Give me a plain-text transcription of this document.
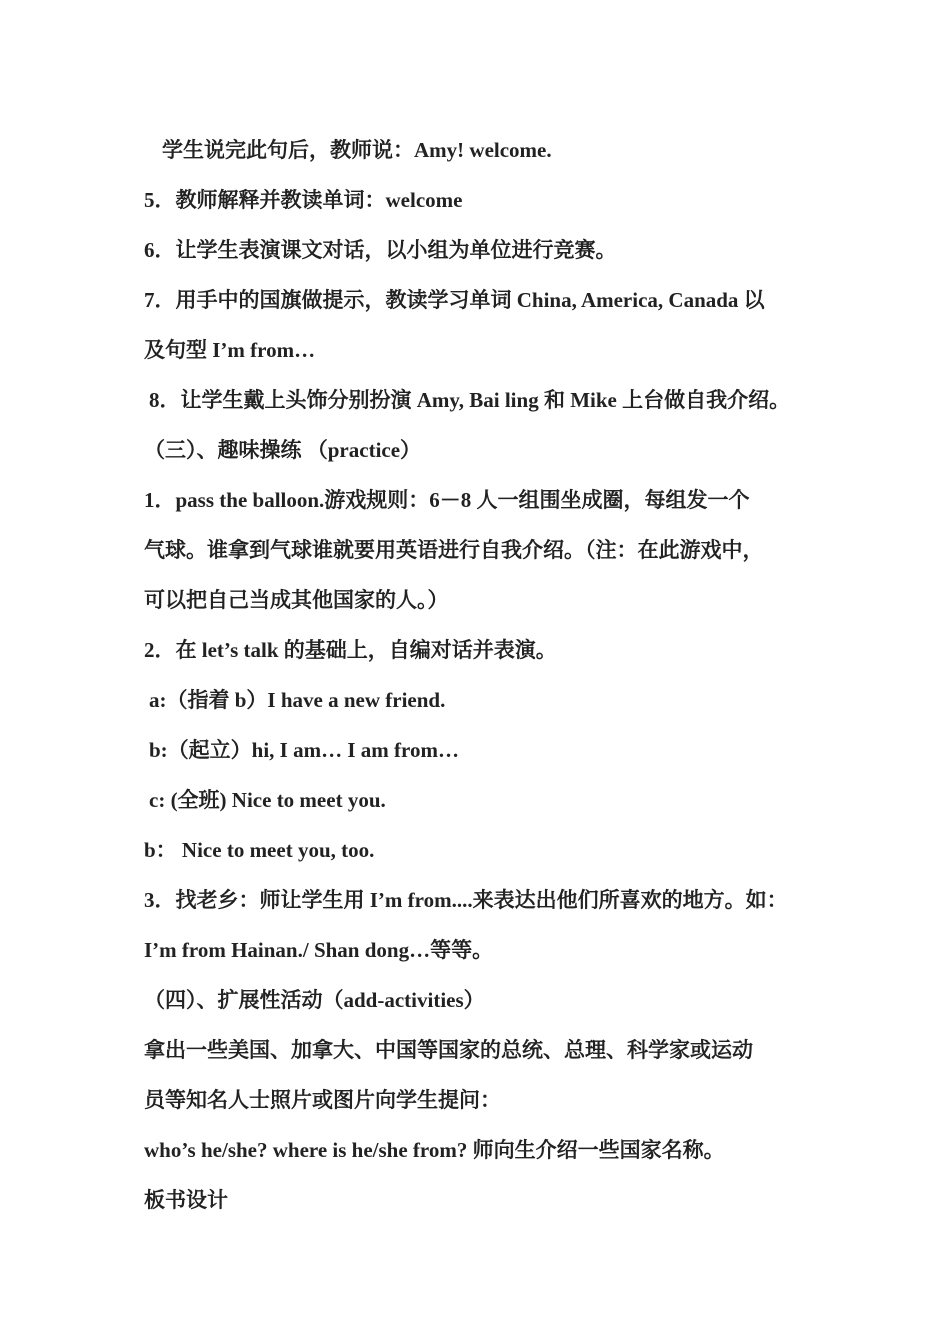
学生说完此句后，教师说：Amy! welcome.

5．教师解释并教读单词：welcome

6．让学生表演课文对话，以小组为单位进行竞赛。

7．用手中的国旗做提示，教读学习单词 China, America, Canada 以

及句型 I’m from…

8．让学生戴上头饰分别扮演 Amy, Bai ling 和 Mike 上台做自我介绍。

（三）、趣味操练 （practice）

1．pass the balloon.游戏规则：6－8 人一组围坐成圈，每组发一个

气球。谁拿到气球谁就要用英语进行自我介绍。（注：在此游戏中，

可以把自己当成其他国家的人。）

2．在 let’s talk 的基础上，自编对话并表演。

a:（指着 b）I have a new friend.

b:（起立）hi, I am… I am from…

c: (全班) Nice to meet you.

b： Nice to meet you, too.

3．找老乡：师让学生用 I’m from....来表达出他们所喜欢的地方。如：

I’m from Hainan./ Shan dong…等等。

（四）、扩展性活动（add-activities）

拿出一些美国、加拿大、中国等国家的总统、总理、科学家或运动

员等知名人士照片或图片向学生提问：

who’s he/she? where is he/she from? 师向生介绍一些国家名称。

板书设计
